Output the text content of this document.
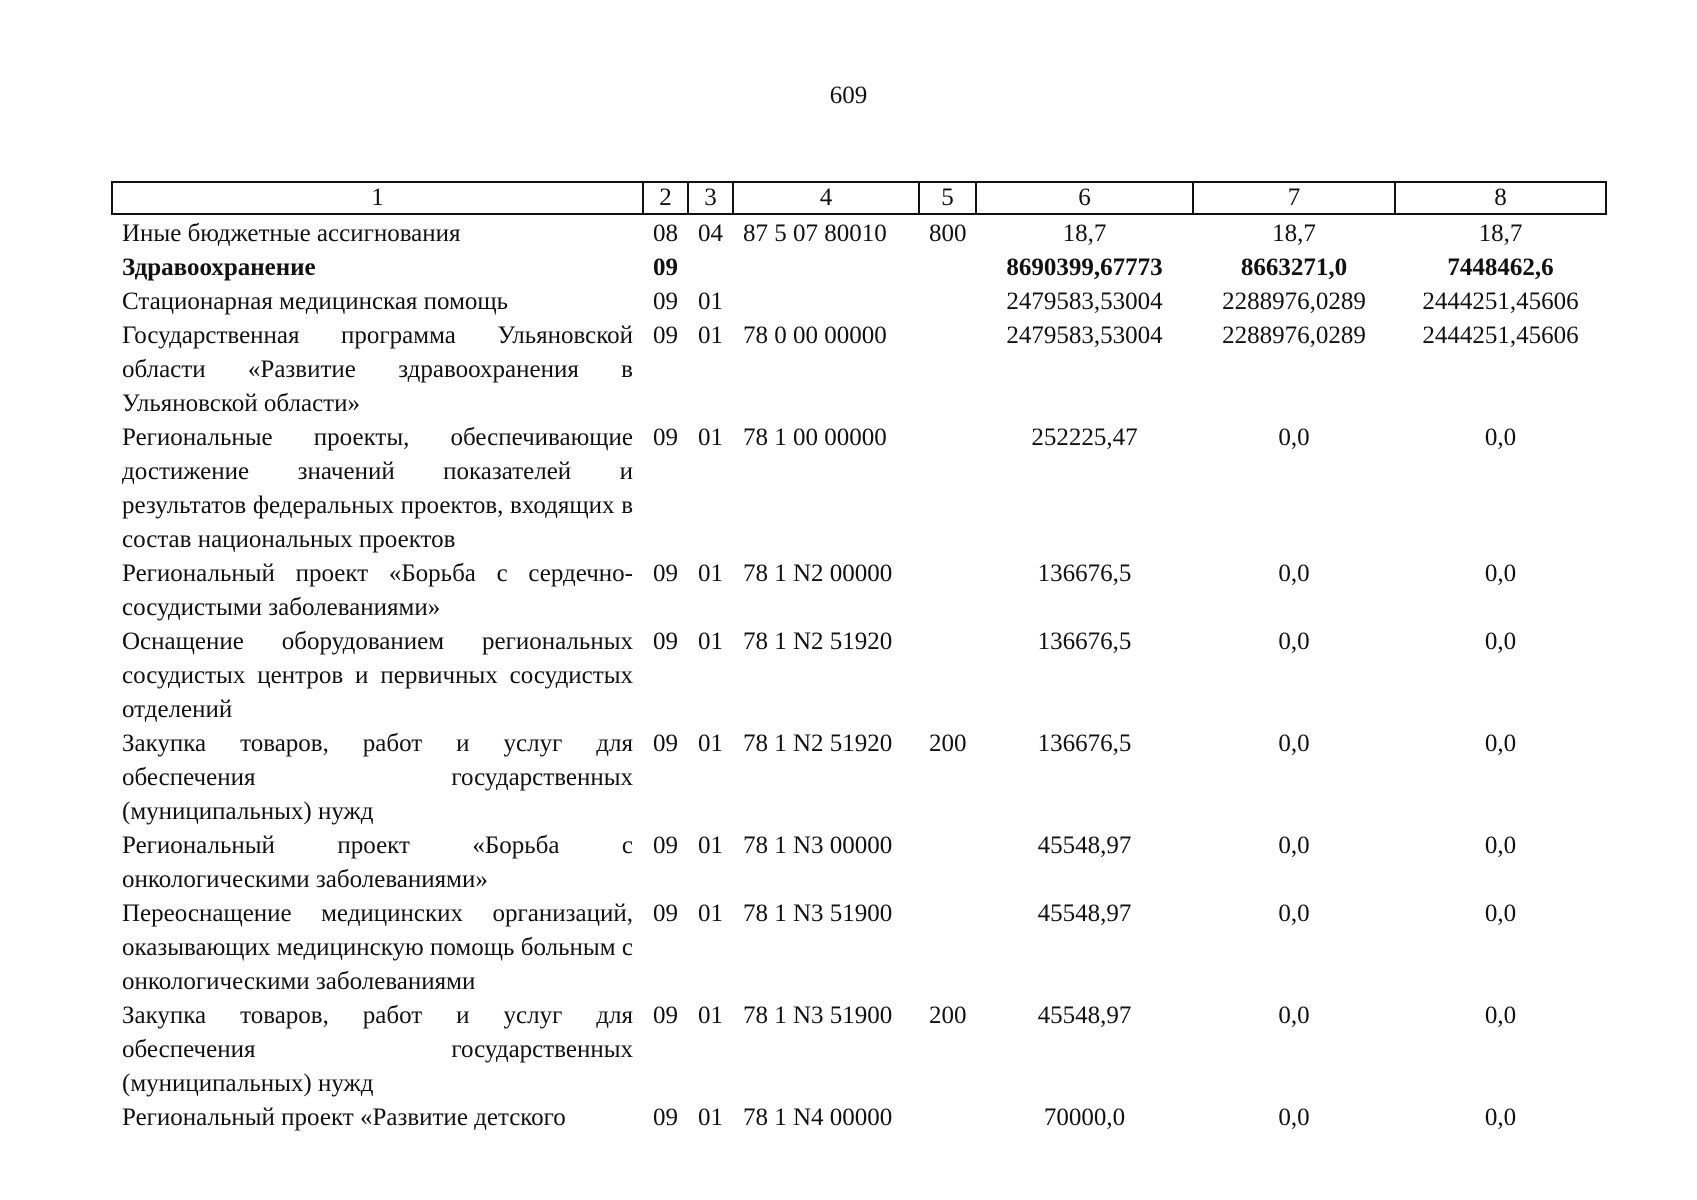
609
1	2	3	4	5	6	7	8
Иные бюджетные ассигнования	08	04	87 5 07 80010	800	18,7	18,7	18,7
Здравоохранение	09				8690399,67773	8663271,0	7448462,6
Стационарная медицинская помощь	09	01			2479583,53004	2288976,0289	2444251,45606
Государственная программа Ульяновской области «Развитие здравоохранения в Ульяновской области»	09	01	78 0 00 00000		2479583,53004	2288976,0289	2444251,45606
Региональные проекты, обеспечивающие достижение значений показателей и результатов федеральных проектов, входящих в состав национальных проектов	09	01	78 1 00 00000		252225,47	0,0	0,0
Региональный проект «Борьба с сердечно-сосудистыми заболеваниями»	09	01	78 1 N2 00000		136676,5	0,0	0,0
Оснащение оборудованием региональных сосудистых центров и первичных сосудистых отделений	09	01	78 1 N2 51920		136676,5	0,0	0,0
Закупка товаров, работ и услуг для обеспечения государственных (муниципальных) нужд	09	01	78 1 N2 51920	200	136676,5	0,0	0,0
Региональный проект «Борьба с онкологическими заболеваниями»	09	01	78 1 N3 00000		45548,97	0,0	0,0
Переоснащение медицинских организаций, оказывающих медицинскую помощь больным с онкологическими заболеваниями	09	01	78 1 N3 51900		45548,97	0,0	0,0
Закупка товаров, работ и услуг для обеспечения государственных (муниципальных) нужд	09	01	78 1 N3 51900	200	45548,97	0,0	0,0
Региональный проект «Развитие детского	09	01	78 1 N4 00000		70000,0	0,0	0,0
